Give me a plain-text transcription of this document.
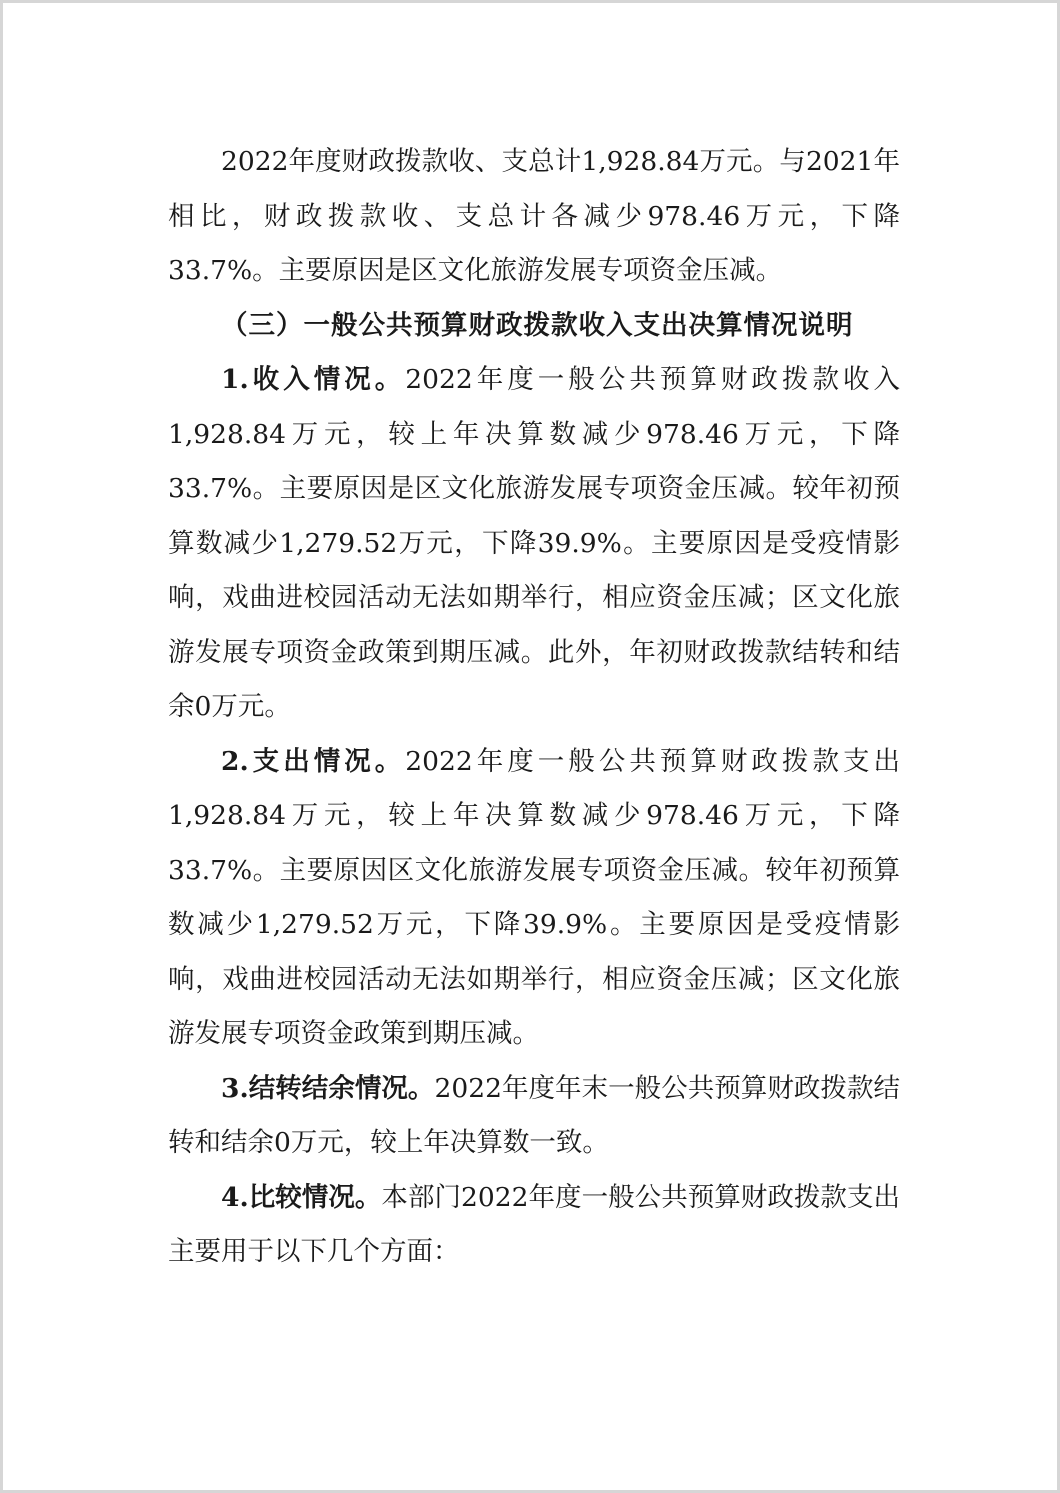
2022年度财政拨款收、支总计1,928.84万元。与2021年相比，财政拨款收、支总计各减少978.46万元，下降33.7%。主要原因是区文化旅游发展专项资金压减。

（三）一般公共预算财政拨款收入支出决算情况说明

1.收入情况。2022年度一般公共预算财政拨款收入1,928.84万元，较上年决算数减少978.46万元，下降33.7%。主要原因是区文化旅游发展专项资金压减。较年初预算数减少1,279.52万元，下降39.9%。主要原因是受疫情影响，戏曲进校园活动无法如期举行，相应资金压减；区文化旅游发展专项资金政策到期压减。此外，年初财政拨款结转和结余0万元。

2.支出情况。2022年度一般公共预算财政拨款支出1,928.84万元，较上年决算数减少978.46万元，下降33.7%。主要原因区文化旅游发展专项资金压减。较年初预算数减少1,279.52万元，下降39.9%。主要原因是受疫情影响，戏曲进校园活动无法如期举行，相应资金压减；区文化旅游发展专项资金政策到期压减。

3.结转结余情况。2022年度年末一般公共预算财政拨款结转和结余0万元，较上年决算数一致。

4.比较情况。本部门2022年度一般公共预算财政拨款支出主要用于以下几个方面：
